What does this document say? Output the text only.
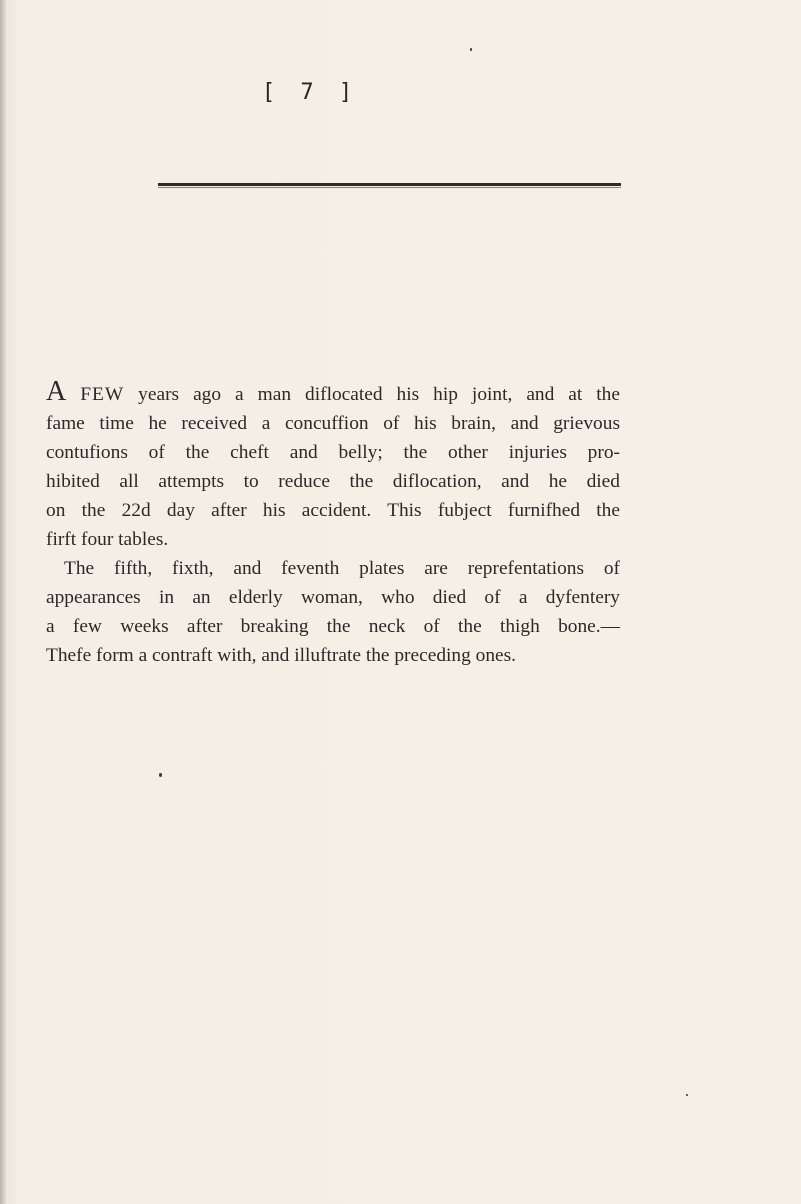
[ 7 ]
A FEW years ago a man diflocated his hip joint, and at the
fame time he received a concuffion of his brain, and grievous
contufions of the cheft and belly; the other injuries pro-
hibited all attempts to reduce the diflocation, and he died
on the 22d day after his accident. This fubject furnifhed the
firft four tables.
The fifth, fixth, and feventh plates are reprefentations of
appearances in an elderly woman, who died of a dyfentery
a few weeks after breaking the neck of the thigh bone.—
Thefe form a contraft with, and illuftrate the preceding ones.
